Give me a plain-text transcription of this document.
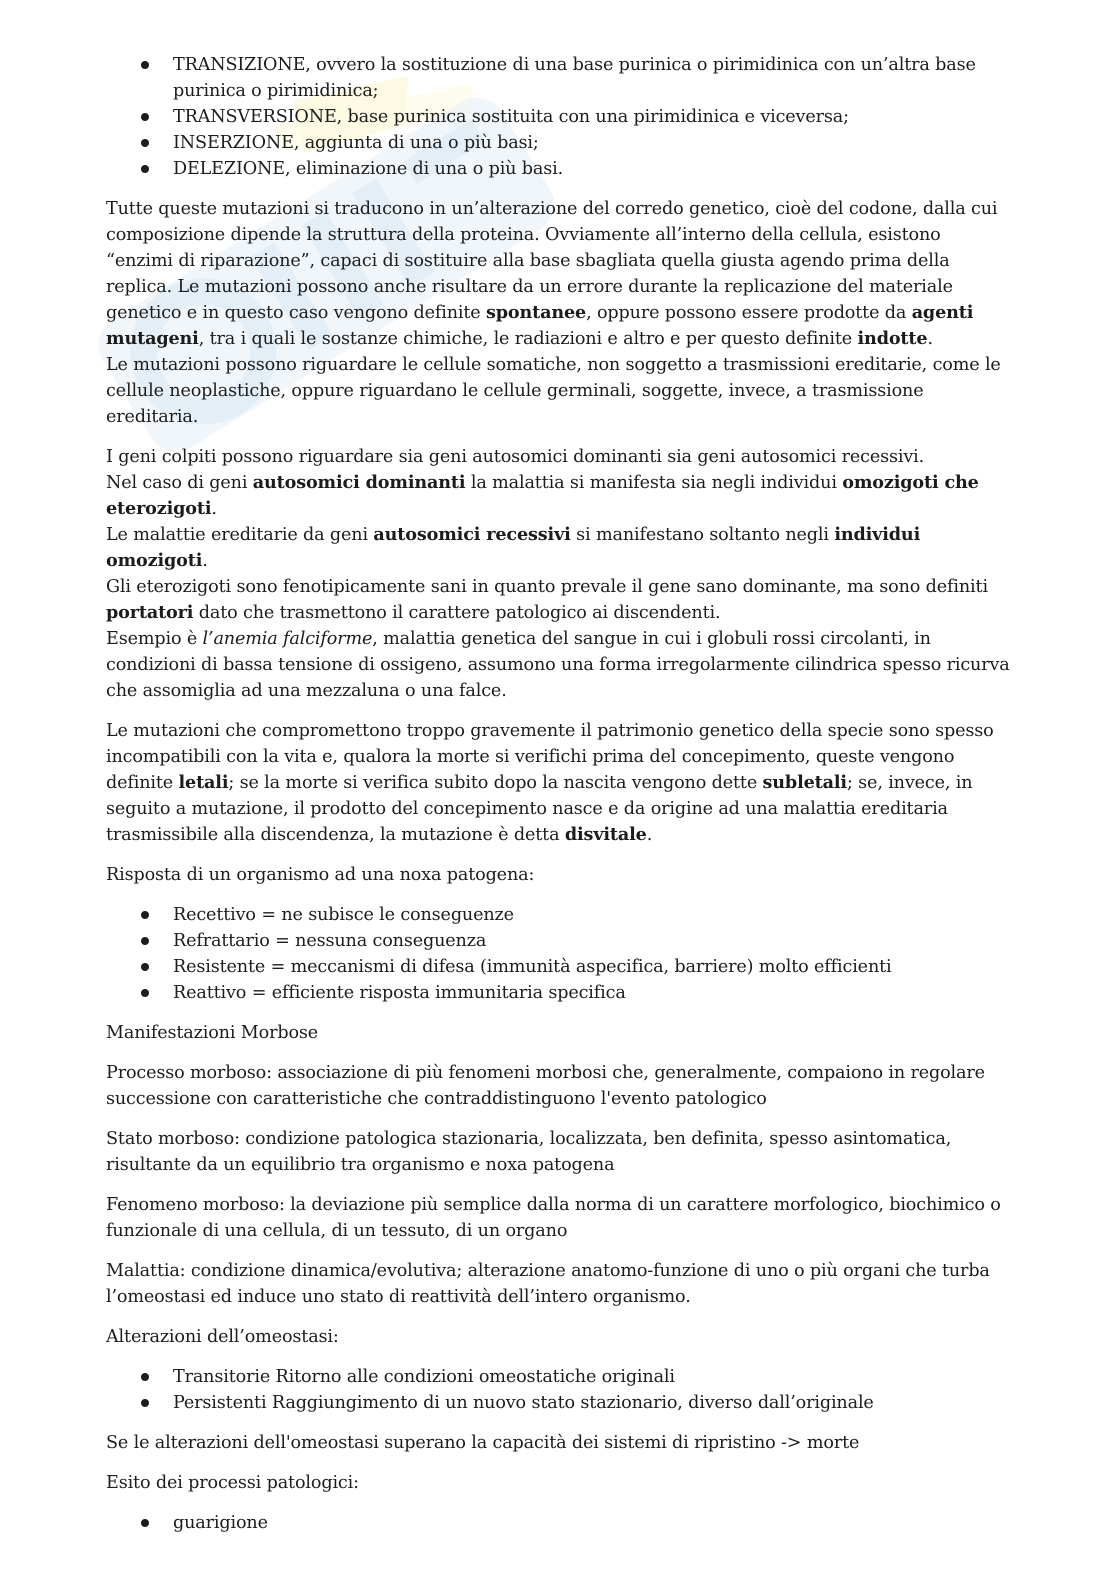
TRANSIZIONE, ovvero la sostituzione di una base purinica o pirimidinica con un’altra base purinica o pirimidinica;
TRANSVERSIONE, base purinica sostituita con una pirimidinica e viceversa;
INSERZIONE, aggiunta di una o più basi;
DELEZIONE, eliminazione di una o più basi.

Tutte queste mutazioni si traducono in un’alterazione del corredo genetico, cioè del codone, dalla cui composizione dipende la struttura della proteina. Ovviamente all’interno della cellula, esistono “enzimi di riparazione”, capaci di sostituire alla base sbagliata quella giusta agendo prima della replica. Le mutazioni possono anche risultare da un errore durante la replicazione del materiale genetico e in questo caso vengono definite spontanee, oppure possono essere prodotte da agenti mutageni, tra i quali le sostanze chimiche, le radiazioni e altro e per questo definite indotte.
Le mutazioni possono riguardare le cellule somatiche, non soggetto a trasmissioni ereditarie, come le cellule neoplastiche, oppure riguardano le cellule germinali, soggette, invece, a trasmissione ereditaria.

I geni colpiti possono riguardare sia geni autosomici dominanti sia geni autosomici recessivi.
Nel caso di geni autosomici dominanti la malattia si manifesta sia negli individui omozigoti che eterozigoti.
Le malattie ereditarie da geni autosomici recessivi si manifestano soltanto negli individui omozigoti.
Gli eterozigoti sono fenotipicamente sani in quanto prevale il gene sano dominante, ma sono definiti portatori dato che trasmettono il carattere patologico ai discendenti.
Esempio è l’anemia falciforme, malattia genetica del sangue in cui i globuli rossi circolanti, in condizioni di bassa tensione di ossigeno, assumono una forma irregolarmente cilindrica spesso ricurva che assomiglia ad una mezzaluna o una falce.

Le mutazioni che compromettono troppo gravemente il patrimonio genetico della specie sono spesso incompatibili con la vita e, qualora la morte si verifichi prima del concepimento, queste vengono definite letali; se la morte si verifica subito dopo la nascita vengono dette subletali; se, invece, in seguito a mutazione, il prodotto del concepimento nasce e da origine ad una malattia ereditaria trasmissibile alla discendenza, la mutazione è detta disvitale.

Risposta di un organismo ad una noxa patogena:

Recettivo = ne subisce le conseguenze
Refrattario = nessuna conseguenza
Resistente = meccanismi di difesa (immunità aspecifica, barriere) molto efficienti
Reattivo = efficiente risposta immunitaria specifica

Manifestazioni Morbose

Processo morboso: associazione di più fenomeni morbosi che, generalmente, compaiono in regolare successione con caratteristiche che contraddistinguono l'evento patologico

Stato morboso: condizione patologica stazionaria, localizzata, ben definita, spesso asintomatica, risultante da un equilibrio tra organismo e noxa patogena

Fenomeno morboso: la deviazione più semplice dalla norma di un carattere morfologico, biochimico o funzionale di una cellula, di un tessuto, di un organo

Malattia: condizione dinamica/evolutiva; alterazione anatomo-funzione di uno o più organi che turba l’omeostasi ed induce uno stato di reattività dell’intero organismo.

Alterazioni dell’omeostasi:

Transitorie Ritorno alle condizioni omeostatiche originali
Persistenti Raggiungimento di un nuovo stato stazionario, diverso dall’originale

Se le alterazioni dell'omeostasi superano la capacità dei sistemi di ripristino -> morte

Esito dei processi patologici:

guarigione
